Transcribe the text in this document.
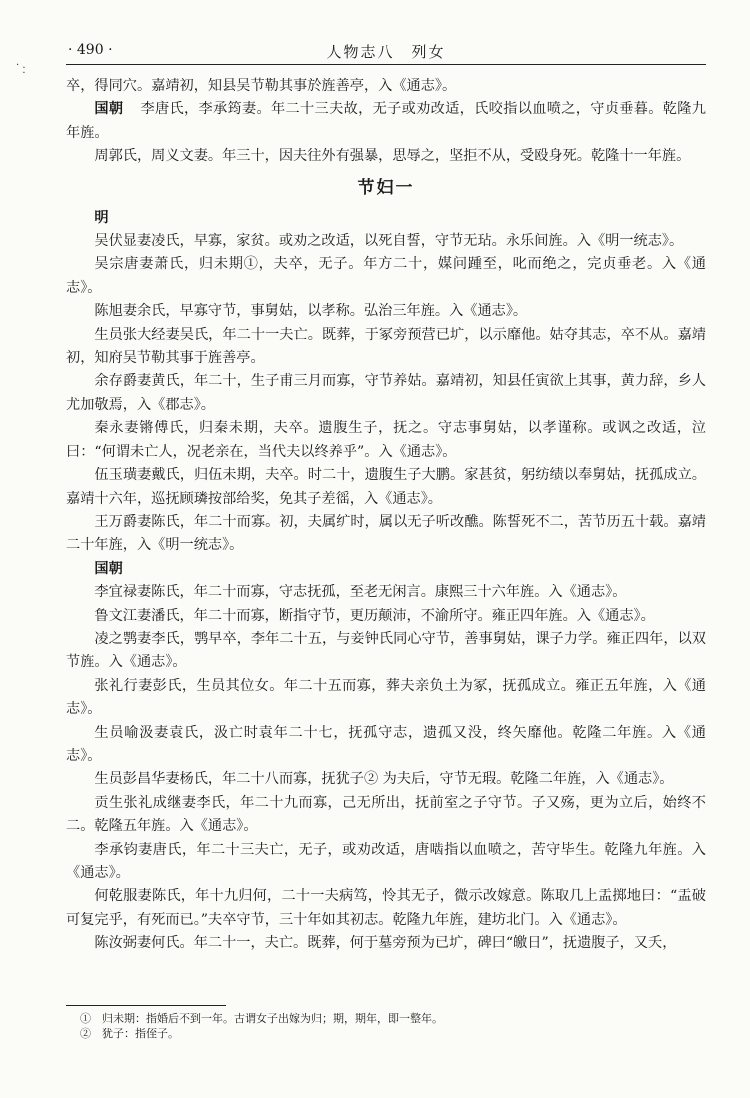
· .
·
· 490 ·	人物志八　列女

卒，得同穴。嘉靖初，知县吴节勒其事於旌善亭，入《通志》。

国朝 李唐氏，李承筠妻。年二十三夫故，无子或劝改适，氏咬指以血喷之，守贞垂暮。乾隆九年旌。

周郭氏，周义文妻。年三十，因夫往外有强暴，思辱之，坚拒不从，受殴身死。乾隆十一年旌。

节妇一

明

吴伏显妻凌氏，早寡，家贫。或劝之改适，以死自誓，守节无玷。永乐间旌。入《明一统志》。

吴宗唐妻萧氏，归未期①，夫卒，无子。年方二十，媒问踵至，叱而绝之，完贞垂老。入《通志》。

陈旭妻余氏，早寡守节，事舅姑，以孝称。弘治三年旌。入《通志》。

生员张大经妻吴氏，年二十一夫亡。既葬，于冢旁预营已圹，以示靡他。姑夺其志，卒不从。嘉靖初，知府吴节勒其事于旌善亭。

余存爵妻黄氏，年二十，生子甫三月而寡，守节养姑。嘉靖初，知县任寅欲上其事，黄力辞，乡人尤加敬焉，入《郡志》。

秦永妻锵傅氏，归秦未期，夫卒。遗腹生子，抚之。守志事舅姑，以孝谨称。或讽之改适，泣曰：“何谓未亡人，况老亲在，当代夫以终养乎”。入《通志》。

伍玉璜妻戴氏，归伍未期，夫卒。时二十，遗腹生子大鹏。家甚贫，躬纺绩以奉舅姑，抚孤成立。嘉靖十六年，巡抚顾璘按部给奖，免其子差徭，入《通志》。

王万爵妻陈氏，年二十而寡。初，夫属纩时，属以无子听改醮。陈誓死不二，苦节历五十载。嘉靖二十年旌，入《明一统志》。

国朝

李宜禄妻陈氏，年二十而寡，守志抚孤，至老无闲言。康熙三十六年旌。入《通志》。

鲁文江妻潘氏，年二十而寡，断指守节，更历颠沛，不渝所守。雍正四年旌。入《通志》。

凌之鹗妻李氏，鹗早卒，李年二十五，与妾钟氏同心守节，善事舅姑，课子力学。雍正四年，以双节旌。入《通志》。

张礼行妻彭氏，生员其位女。年二十五而寡，葬夫亲负土为冢，抚孤成立。雍正五年旌，入《通志》。

生员喻汲妻袁氏，汲亡时袁年二十七，抚孤守志，遗孤又没，终矢靡他。乾隆二年旌。入《通志》。

生员彭昌华妻杨氏，年二十八而寡，抚犹子② 为夫后，守节无瑕。乾隆二年旌，入《通志》。

贡生张礼成继妻李氏，年二十九而寡，己无所出，抚前室之子守节。子又殇，更为立后，始终不二。乾隆五年旌。入《通志》。

李承钧妻唐氏，年二十三夫亡，无子，或劝改适，唐啮指以血喷之，苦守毕生。乾隆九年旌。入《通志》。

何乾服妻陈氏，年十九归何，二十一夫病笃，怜其无子，微示改嫁意。陈取几上盂掷地曰：“盂破可复完乎，有死而已。”夫卒守节，三十年如其初志。乾隆九年旌，建坊北门。入《通志》。

陈汝弼妻何氏。年二十一，夫亡。既葬，何于墓旁预为已圹，碑曰“皦日”，抚遗腹子，又夭，

①　归未期：指婚后不到一年。古谓女子出嫁为归；期，期年，即一整年。

②　犹子：指侄子。
